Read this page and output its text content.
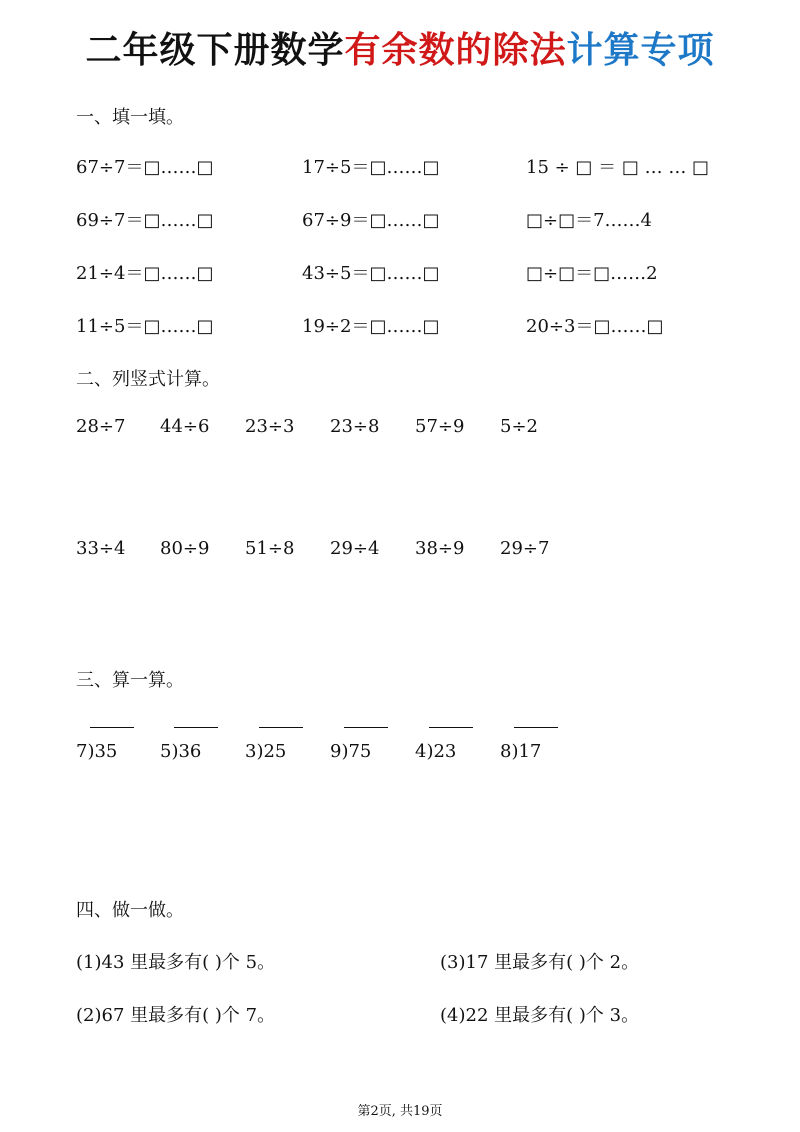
二年级下册数学有余数的除法计算专项
一、填一填。
67÷7＝□……□	17÷5＝□……□	15 ÷ □ ＝ □ … … □
69÷7＝□……□	67÷9＝□……□	□÷□＝7……4
21÷4＝□……□	43÷5＝□……□	□÷□＝□……2
11÷5＝□……□	19÷2＝□……□	20÷3＝□……□
二、列竖式计算。
28÷7 44÷6 23÷3 23÷8 57÷9 5÷2
33÷4 80÷9 51÷8 29÷4 38÷9 29÷7
三、算一算。
7)35 5)36 3)25 9)75 4)23 8)17
四、做一做。
(1)43 里最多有( )个 5。	(3)17 里最多有( )个 2。
(2)67 里最多有( )个 7。	(4)22 里最多有( )个 3。
第2页, 共19页
